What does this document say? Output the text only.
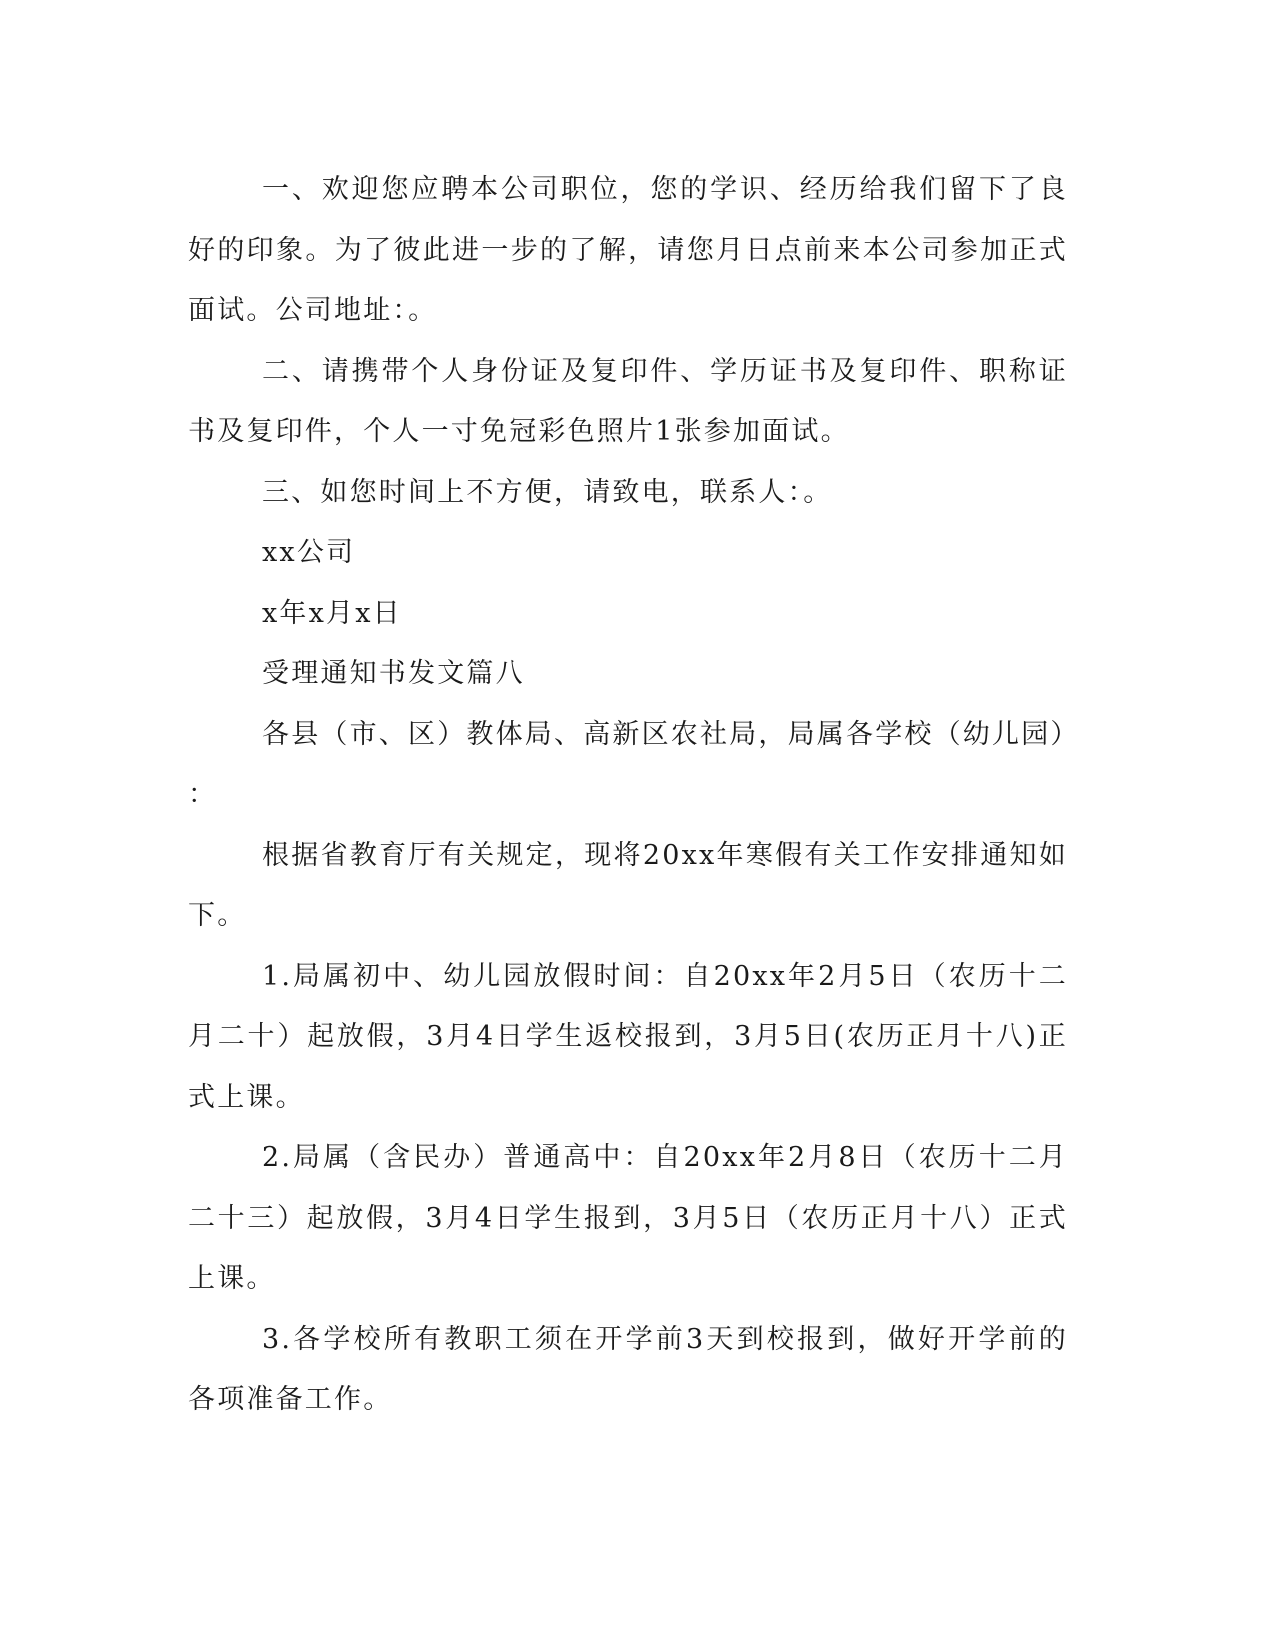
一、欢迎您应聘本公司职位，您的学识、经历给我们留下了良好的印象。为了彼此进一步的了解，请您月日点前来本公司参加正式面试。公司地址：。

二、请携带个人身份证及复印件、学历证书及复印件、职称证书及复印件，个人一寸免冠彩色照片1张参加面试。

三、如您时间上不方便，请致电，联系人：。

xx公司

x年x月x日

受理通知书发文篇八

各县（市、区）教体局、高新区农社局，局属各学校（幼儿园）

：

根据省教育厅有关规定，现将20xx年寒假有关工作安排通知如下。

1.局属初中、幼儿园放假时间：自20xx年2月5日（农历十二月二十）起放假，3月4日学生返校报到，3月5日(农历正月十八)正式上课。

2.局属（含民办）普通高中：自20xx年2月8日（农历十二月二十三）起放假，3月4日学生报到，3月5日（农历正月十八）正式上课。

3.各学校所有教职工须在开学前3天到校报到，做好开学前的各项准备工作。
